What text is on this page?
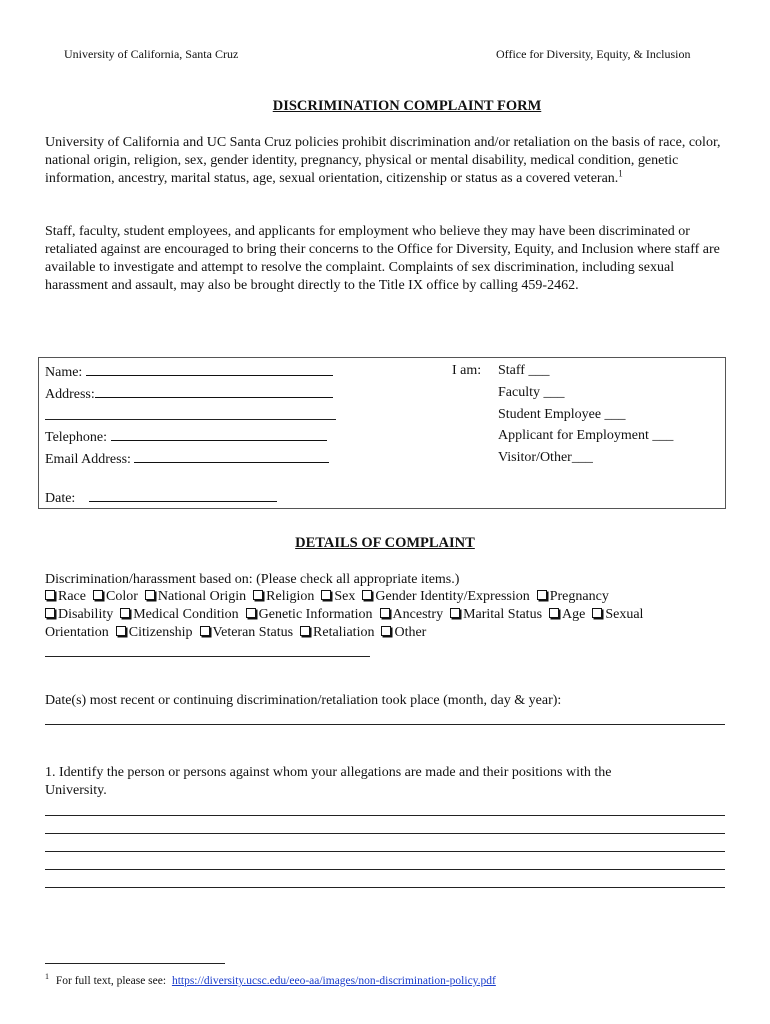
University of California, Santa Cruz	Office for Diversity, Equity, & Inclusion
DISCRIMINATION COMPLAINT FORM
University of California and UC Santa Cruz policies prohibit discrimination and/or retaliation on the basis of race, color, national origin, religion, sex, gender identity, pregnancy, physical or mental disability, medical condition, genetic information, ancestry, marital status, age, sexual orientation, citizenship or status as a covered veteran.$^1$
Staff, faculty, student employees, and applicants for employment who believe they may have been discriminated or retaliated against are encouraged to bring their concerns to the Office for Diversity, Equity, and Inclusion where staff are available to investigate and attempt to resolve the complaint. Complaints of sex discrimination, including sexual harassment and assault, may also be brought directly to the Title IX office by calling 459-2462.
Name:
Address:
Telephone:
Email Address:
Date:
I am: Staff ___
Faculty ___
Student Employee ___
Applicant for Employment ___
Visitor/Other___
DETAILS OF COMPLAINT
Discrimination/harassment based on: (Please check all appropriate items.)
Race Color National Origin Religion Sex Gender Identity/Expression Pregnancy
Disability Medical Condition Genetic Information Ancestry Marital Status Age Sexual
Orientation Citizenship Veteran Status Retaliation Other
Date(s) most recent or continuing discrimination/retaliation took place (month, day & year):
1. Identify the person or persons against whom your allegations are made and their positions with the
University.
$^1$ For full text, please see: https://diversity.ucsc.edu/eeo-aa/images/non-discrimination-policy.pdf
